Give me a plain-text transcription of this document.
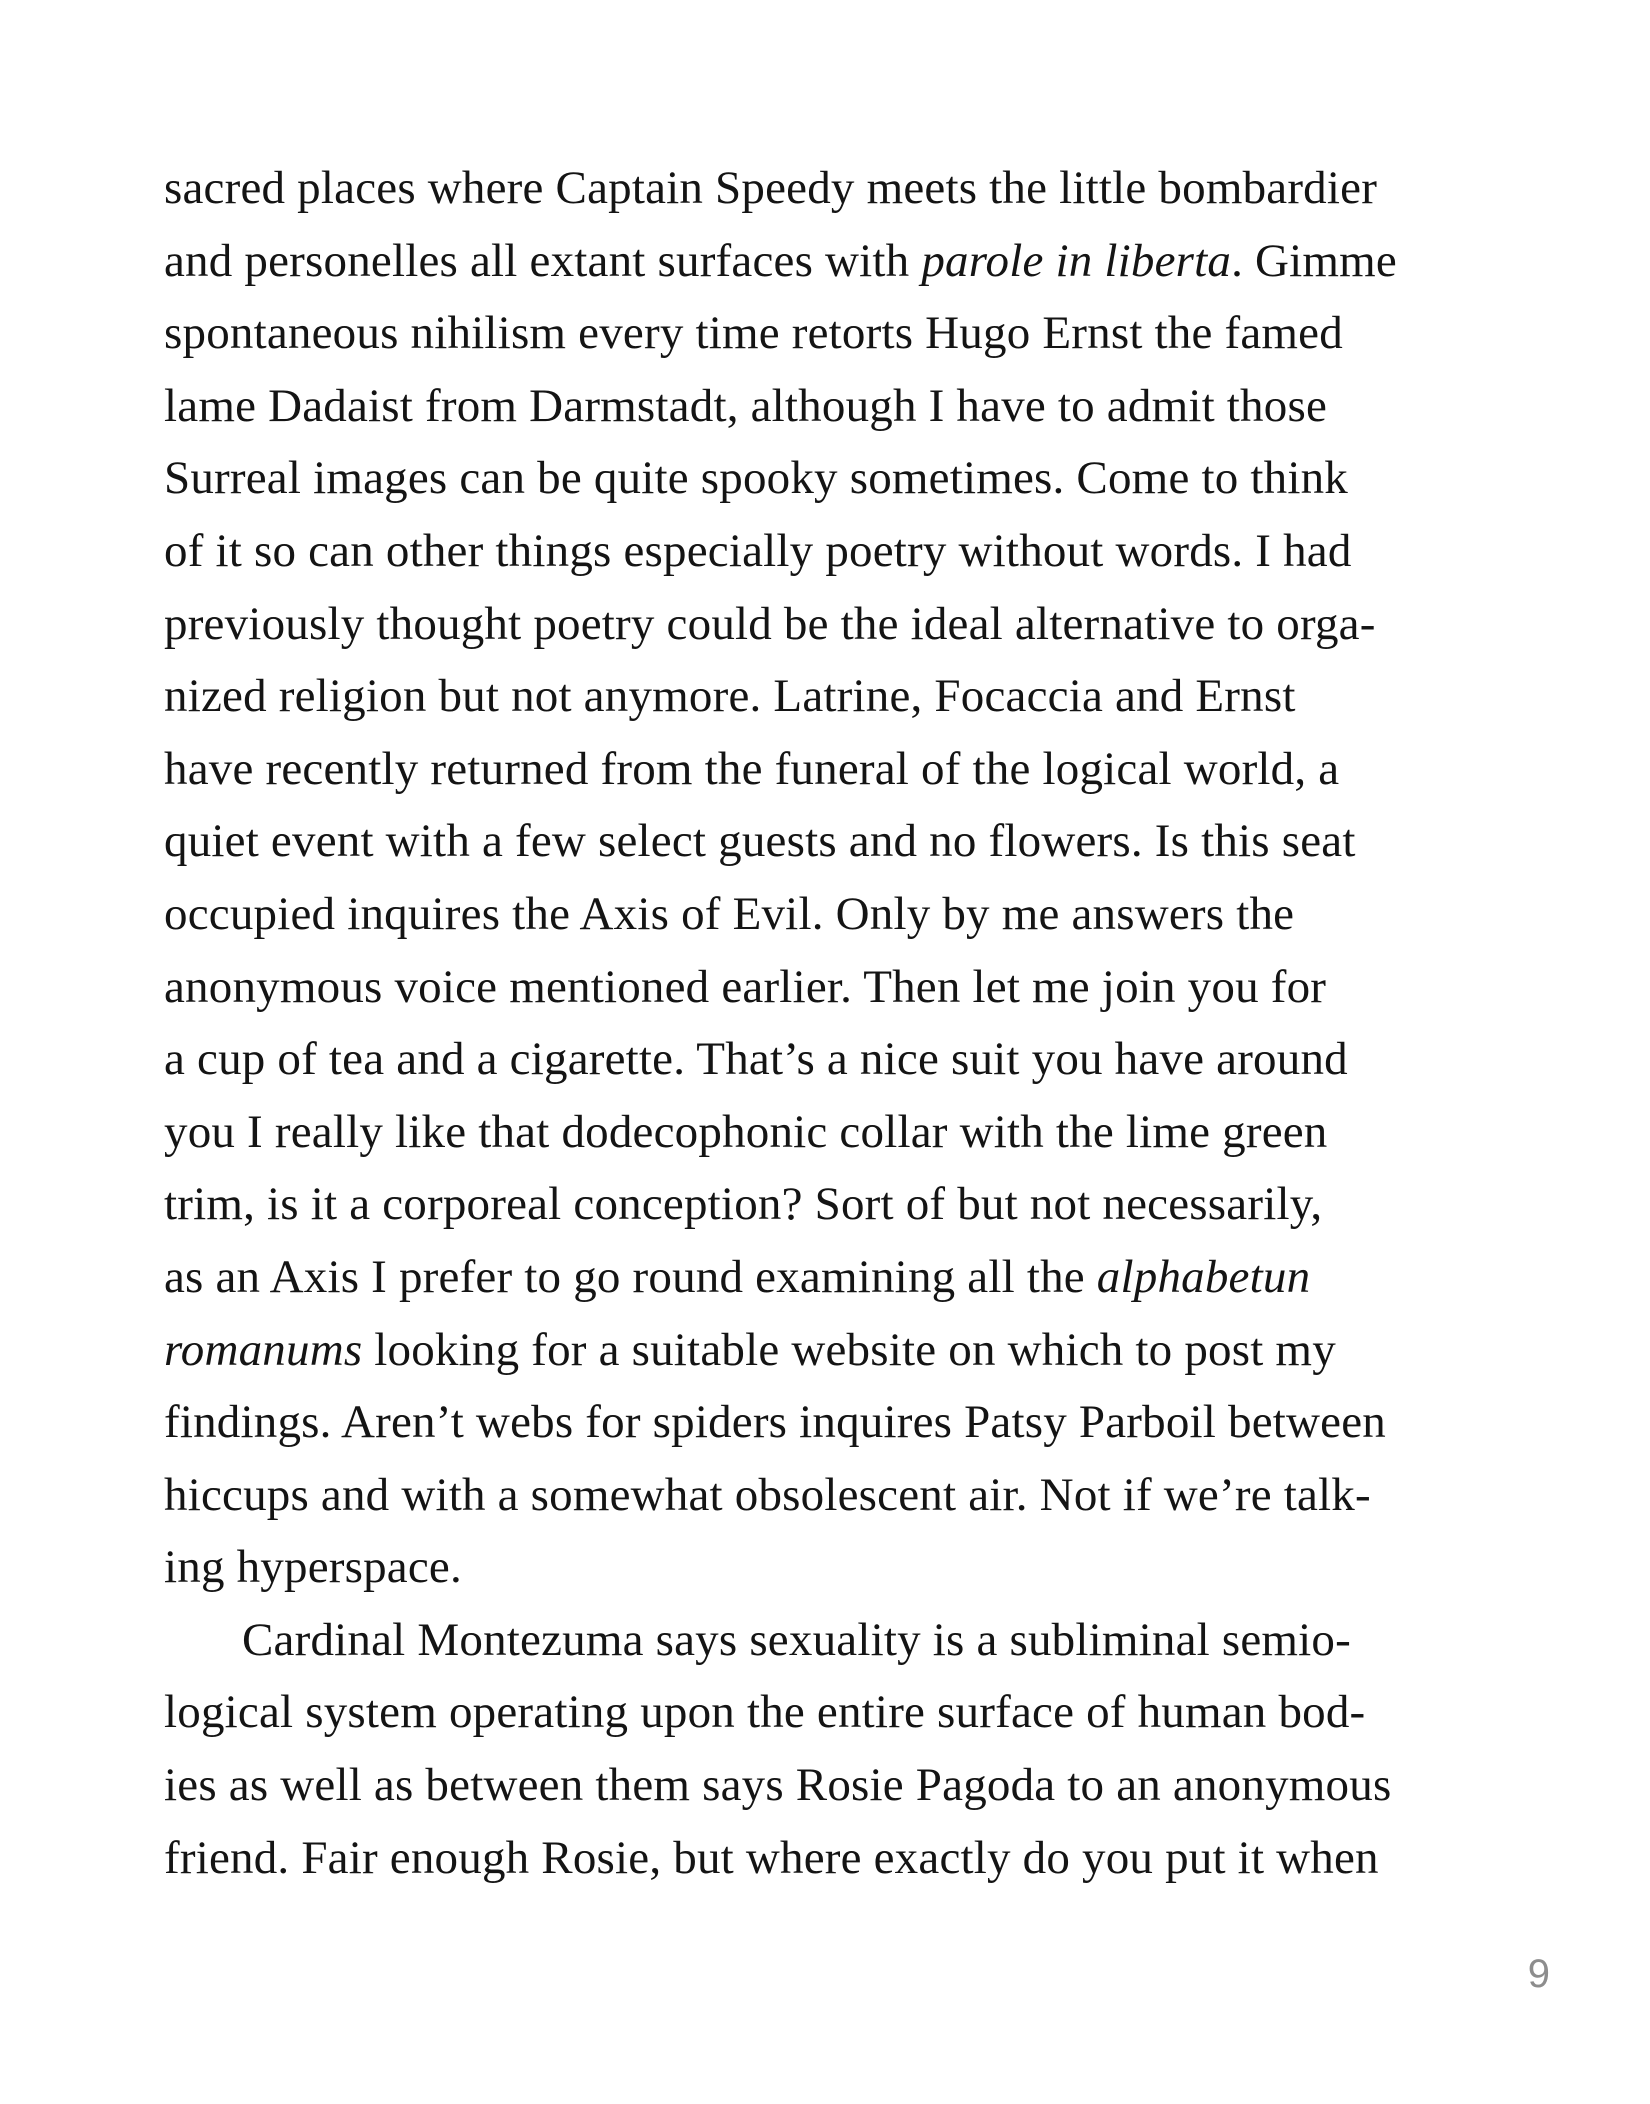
sacred places where Captain Speedy meets the little bombardier
and personelles all extant surfaces with parole in liberta. Gimme
spontaneous nihilism every time retorts Hugo Ernst the famed
lame Dadaist from Darmstadt, although I have to admit those
Surreal images can be quite spooky sometimes. Come to think
of it so can other things especially poetry without words. I had
previously thought poetry could be the ideal alternative to orga-
nized religion but not anymore. Latrine, Focaccia and Ernst
have recently returned from the funeral of the logical world, a
quiet event with a few select guests and no flowers. Is this seat
occupied inquires the Axis of Evil. Only by me answers the
anonymous voice mentioned earlier. Then let me join you for
a cup of tea and a cigarette. That’s a nice suit you have around
you I really like that dodecophonic collar with the lime green
trim, is it a corporeal conception? Sort of but not necessarily,
as an Axis I prefer to go round examining all the alphabetun
romanums looking for a suitable website on which to post my
findings. Aren’t webs for spiders inquires Patsy Parboil between
hiccups and with a somewhat obsolescent air. Not if we’re talk-
ing hyperspace.
Cardinal Montezuma says sexuality is a subliminal semio-
logical system operating upon the entire surface of human bod-
ies as well as between them says Rosie Pagoda to an anonymous
friend. Fair enough Rosie, but where exactly do you put it when
9
